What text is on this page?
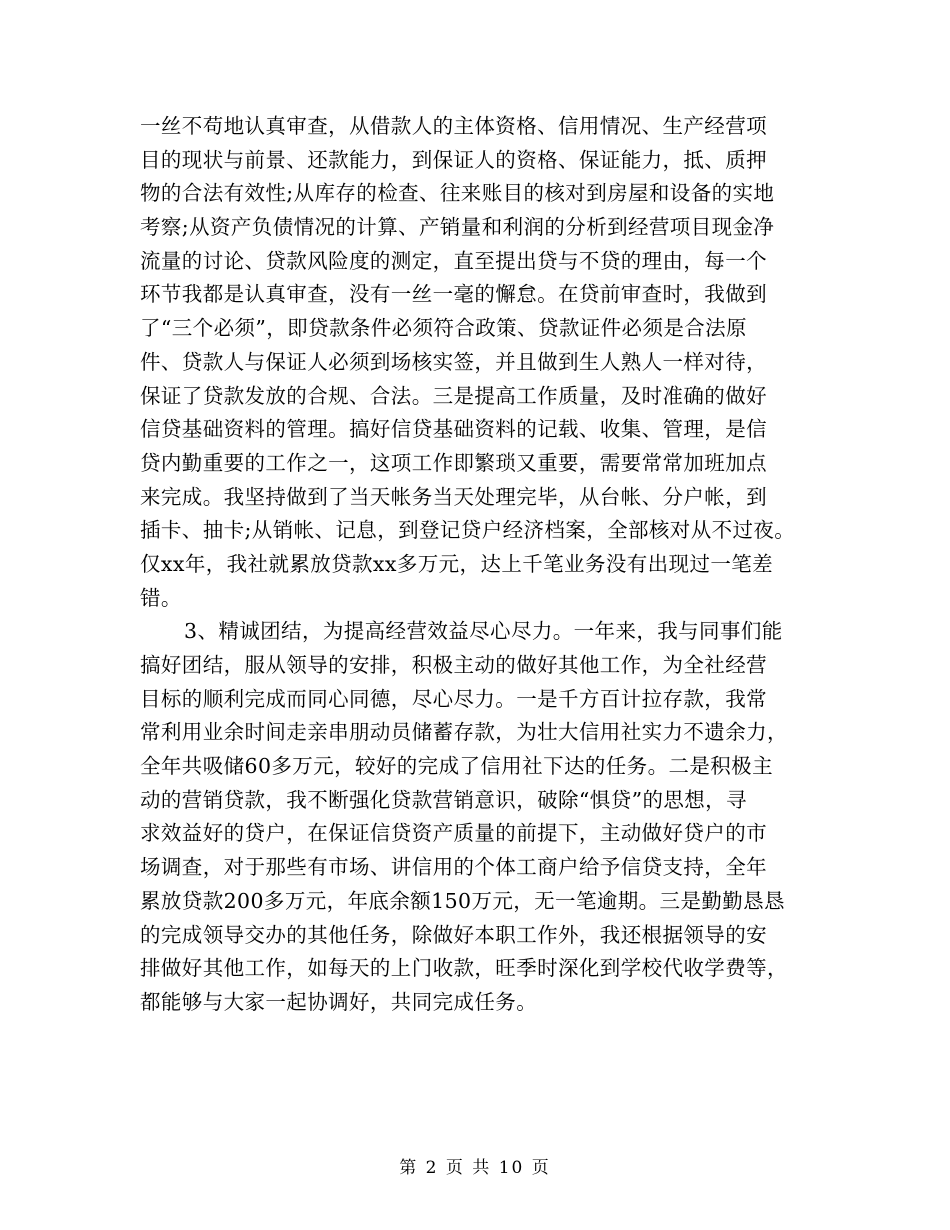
一丝不苟地认真审查，从借款人的主体资格、信用情况、生产经营项
目的现状与前景、还款能力，到保证人的资格、保证能力，抵、质押
物的合法有效性;从库存的检查、往来账目的核对到房屋和设备的实地
考察;从资产负债情况的计算、产销量和利润的分析到经营项目现金净
流量的讨论、贷款风险度的测定，直至提出贷与不贷的理由，每一个
环节我都是认真审查，没有一丝一毫的懈怠。在贷前审查时，我做到
了“三个必须”，即贷款条件必须符合政策、贷款证件必须是合法原
件、贷款人与保证人必须到场核实签，并且做到生人熟人一样对待，
保证了贷款发放的合规、合法。三是提高工作质量，及时准确的做好
信贷基础资料的管理。搞好信贷基础资料的记载、收集、管理，是信
贷内勤重要的工作之一，这项工作即繁琐又重要，需要常常加班加点
来完成。我坚持做到了当天帐务当天处理完毕，从台帐、分户帐，到
插卡、抽卡;从销帐、记息，到登记贷户经济档案，全部核对从不过夜。
仅xx年，我社就累放贷款xx多万元，达上千笔业务没有出现过一笔差
错。
3、精诚团结，为提高经营效益尽心尽力。一年来，我与同事们能
搞好团结，服从领导的安排，积极主动的做好其他工作，为全社经营
目标的顺利完成而同心同德，尽心尽力。一是千方百计拉存款，我常
常利用业余时间走亲串朋动员储蓄存款，为壮大信用社实力不遗余力，
全年共吸储60多万元，较好的完成了信用社下达的任务。二是积极主
动的营销贷款，我不断强化贷款营销意识，破除“惧贷”的思想，寻
求效益好的贷户，在保证信贷资产质量的前提下，主动做好贷户的市
场调查，对于那些有市场、讲信用的个体工商户给予信贷支持，全年
累放贷款200多万元，年底余额150万元，无一笔逾期。三是勤勤恳恳
的完成领导交办的其他任务，除做好本职工作外，我还根据领导的安
排做好其他工作，如每天的上门收款，旺季时深化到学校代收学费等，
都能够与大家一起协调好，共同完成任务。
第 2 页 共 10 页
